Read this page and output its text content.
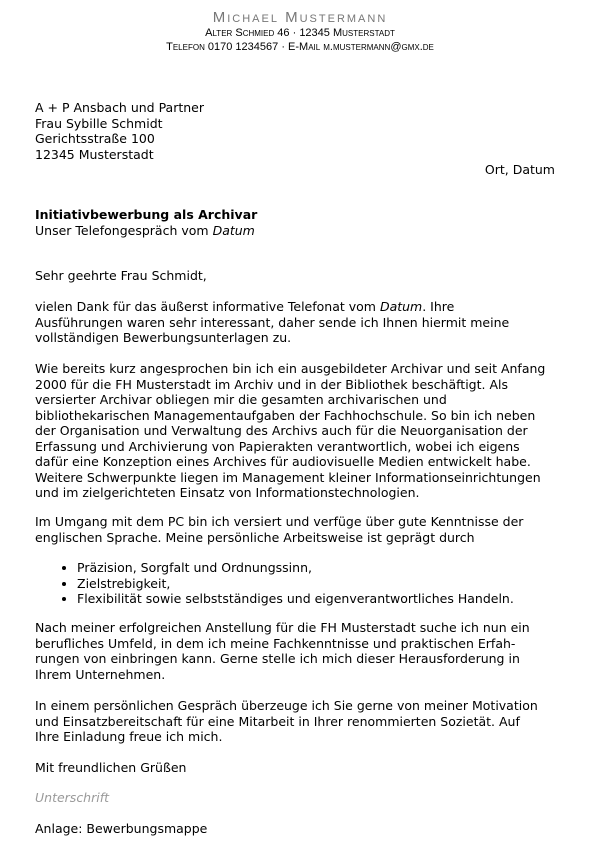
Michael Mustermann
Alter Schmied 46 · 12345 Musterstadt
Telefon 0170 1234567 · E-Mail m.mustermann@gmx.de
A + P Ansbach und Partner
Frau Sybille Schmidt
Gerichtsstraße 100
12345 Musterstadt
Ort, Datum
Initiativbewerbung als Archivar
Unser Telefongespräch vom Datum
Sehr geehrte Frau Schmidt,
vielen Dank für das äußerst informative Telefonat vom Datum. Ihre
Ausführungen waren sehr interessant, daher sende ich Ihnen hiermit meine
vollständigen Bewerbungsunterlagen zu.
Wie bereits kurz angesprochen bin ich ein ausgebildeter Archivar und seit Anfang
2000 für die FH Musterstadt im Archiv und in der Bibliothek beschäftigt. Als
versierter Archivar obliegen mir die gesamten archivarischen und
bibliothekarischen Managementaufgaben der Fachhochschule. So bin ich neben
der Organisation und Verwaltung des Archivs auch für die Neuorganisation der
Erfassung und Archivierung von Papierakten verantwortlich, wobei ich eigens
dafür eine Konzeption eines Archives für audiovisuelle Medien entwickelt habe.
Weitere Schwerpunkte liegen im Management kleiner Informationseinrichtungen
und im zielgerichteten Einsatz von Informationstechnologien.
Im Umgang mit dem PC bin ich versiert und verfüge über gute Kenntnisse der
englischen Sprache. Meine persönliche Arbeitsweise ist geprägt durch
• Präzision, Sorgfalt und Ordnungssinn,
• Zielstrebigkeit,
• Flexibilität sowie selbstständiges und eigenverantwortliches Handeln.
Nach meiner erfolgreichen Anstellung für die FH Musterstadt suche ich nun ein
berufliches Umfeld, in dem ich meine Fachkenntnisse und praktischen Erfah-
rungen von einbringen kann. Gerne stelle ich mich dieser Herausforderung in
Ihrem Unternehmen.
In einem persönlichen Gespräch überzeuge ich Sie gerne von meiner Motivation
und Einsatzbereitschaft für eine Mitarbeit in Ihrer renommierten Sozietät. Auf
Ihre Einladung freue ich mich.
Mit freundlichen Grüßen
Unterschrift
Anlage: Bewerbungsmappe
